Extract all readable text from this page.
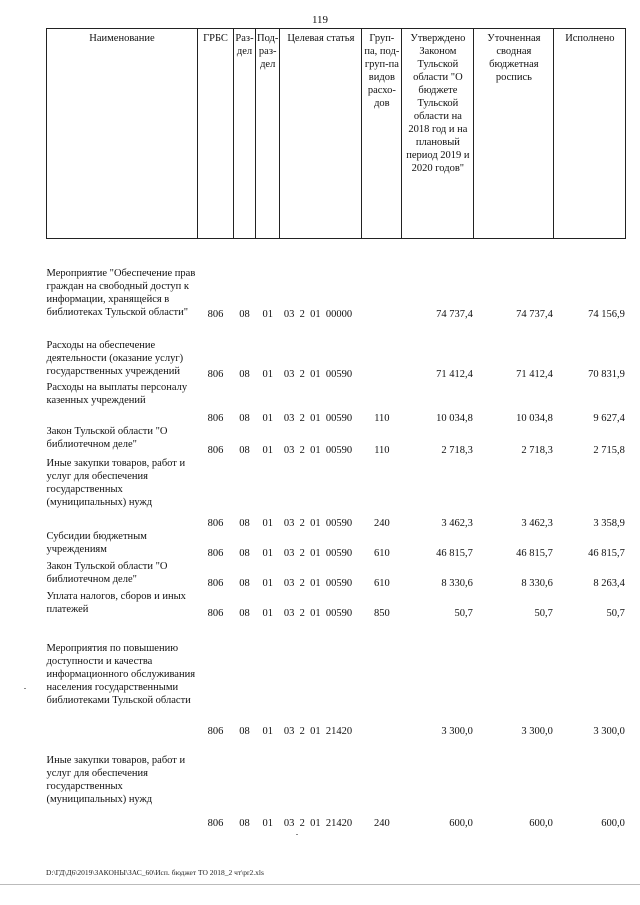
119
Наименование	ГРБС	Раз-дел	Под-раз-дел	Целевая статья	Груп-па, под-груп-па видов расхо-дов	Утверждено Законом Тульской области "О бюджете Тульской области на 2018 год и на плановый период 2019 и 2020 годов"	Уточненная сводная бюджетная роспись	Исполнено
Мероприятие "Обеспечение прав граждан на свободный доступ к информации, хранящейся в библиотеках Тульской области"	806	08	01	03  2  01  00000		74 737,4	74 737,4	74 156,9
Расходы на обеспечение деятельности (оказание услуг) государственных учреждений	806	08	01	03  2  01  00590		71 412,4	71 412,4	70 831,9
Расходы на выплаты персоналу казенных учреждений	806	08	01	03  2  01  00590	110	10 034,8	10 034,8	9 627,4
Закон Тульской области "О библиотечном деле"	806	08	01	03  2  01  00590	110	2 718,3	2 718,3	2 715,8
Иные закупки товаров, работ и услуг для обеспечения государственных (муниципальных) нужд	806	08	01	03  2  01  00590	240	3 462,3	3 462,3	3 358,9
Субсидии бюджетным учреждениям	806	08	01	03  2  01  00590	610	46 815,7	46 815,7	46 815,7
Закон Тульской области "О библиотечном деле"	806	08	01	03  2  01  00590	610	8 330,6	8 330,6	8 263,4
Уплата налогов, сборов и иных платежей	806	08	01	03  2  01  00590	850	50,7	50,7	50,7
Мероприятия по повышению доступности и качества информационного обслуживания населения государственными библиотеками Тульской области	806	08	01	03  2  01  21420		3 300,0	3 300,0	3 300,0
Иные закупки товаров, работ и услуг для обеспечения государственных (муниципальных) нужд	806	08	01	03  2  01  21420	240	600,0	600,0	600,0
D:\ГД\Д6\2019\ЗАКОНЫ\ЗАС_60\Исп. бюджет ТО 2018_2 чт\pr2.xls
